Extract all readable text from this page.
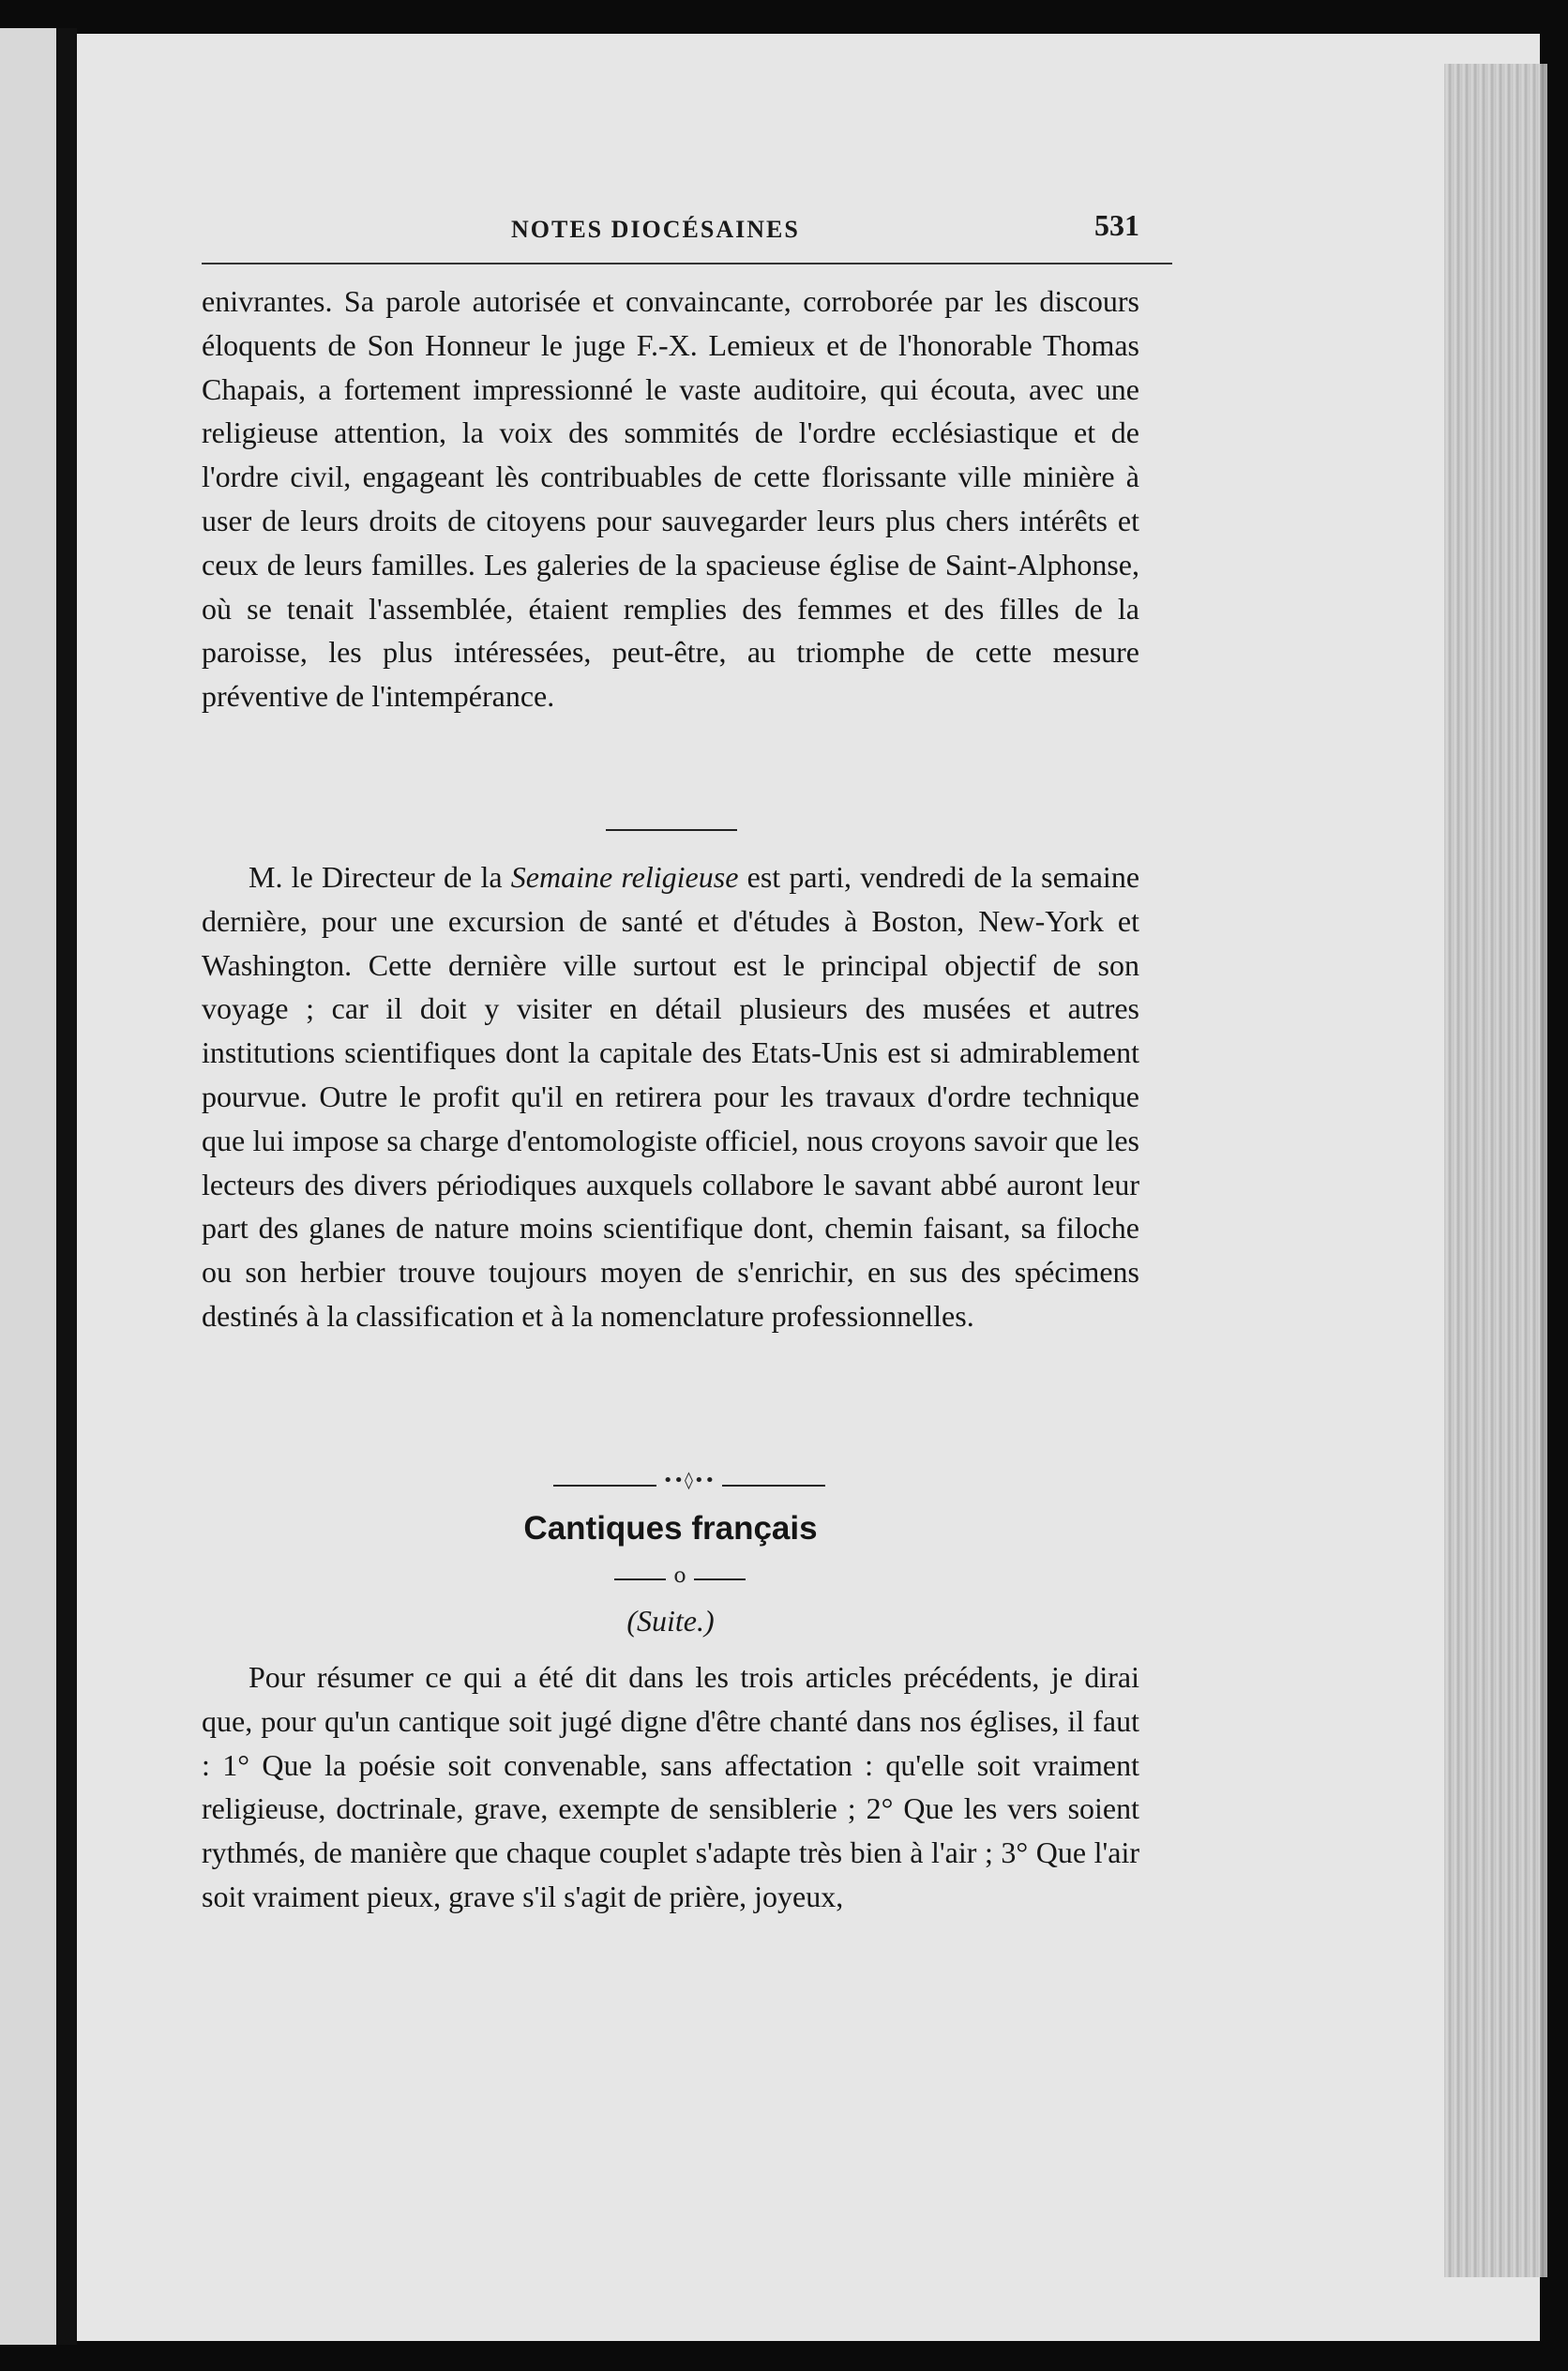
NOTES DIOCÉSAINES	531

enivrantes. Sa parole autorisée et convaincante, corroborée par les discours éloquents de Son Honneur le juge F.-X. Lemieux et de l'honorable Thomas Chapais, a fortement impressionné le vaste auditoire, qui écouta, avec une religieuse attention, la voix des sommités de l'ordre ecclésiastique et de l'ordre civil, engageant lès contribuables de cette florissante ville minière à user de leurs droits de citoyens pour sauvegarder leurs plus chers intérêts et ceux de leurs familles. Les galeries de la spacieuse église de Saint-Alphonse, où se tenait l'assemblée, étaient remplies des femmes et des filles de la paroisse, les plus intéressées, peut-être, au triomphe de cette mesure préventive de l'intempérance.

M. le Directeur de la Semaine religieuse est parti, vendredi de la semaine dernière, pour une excursion de santé et d'études à Boston, New-York et Washington. Cette dernière ville surtout est le principal objectif de son voyage ; car il doit y visiter en détail plusieurs des musées et autres institutions scientifiques dont la capitale des Etats-Unis est si admirablement pourvue. Outre le profit qu'il en retirera pour les travaux d'ordre technique que lui impose sa charge d'entomologiste officiel, nous croyons savoir que les lecteurs des divers périodiques auxquels collabore le savant abbé auront leur part des glanes de nature moins scientifique dont, chemin faisant, sa filoche ou son herbier trouve toujours moyen de s'enrichir, en sus des spécimens destinés à la classification et à la nomenclature professionnelles.

••◊••
Cantiques français
o
(Suite.)

Pour résumer ce qui a été dit dans les trois articles précédents, je dirai que, pour qu'un cantique soit jugé digne d'être chanté dans nos églises, il faut : 1° Que la poésie soit convenable, sans affectation : qu'elle soit vraiment religieuse, doctrinale, grave, exempte de sensiblerie ; 2° Que les vers soient rythmés, de manière que chaque couplet s'adapte très bien à l'air ; 3° Que l'air soit vraiment pieux, grave s'il s'agit de prière, joyeux,
